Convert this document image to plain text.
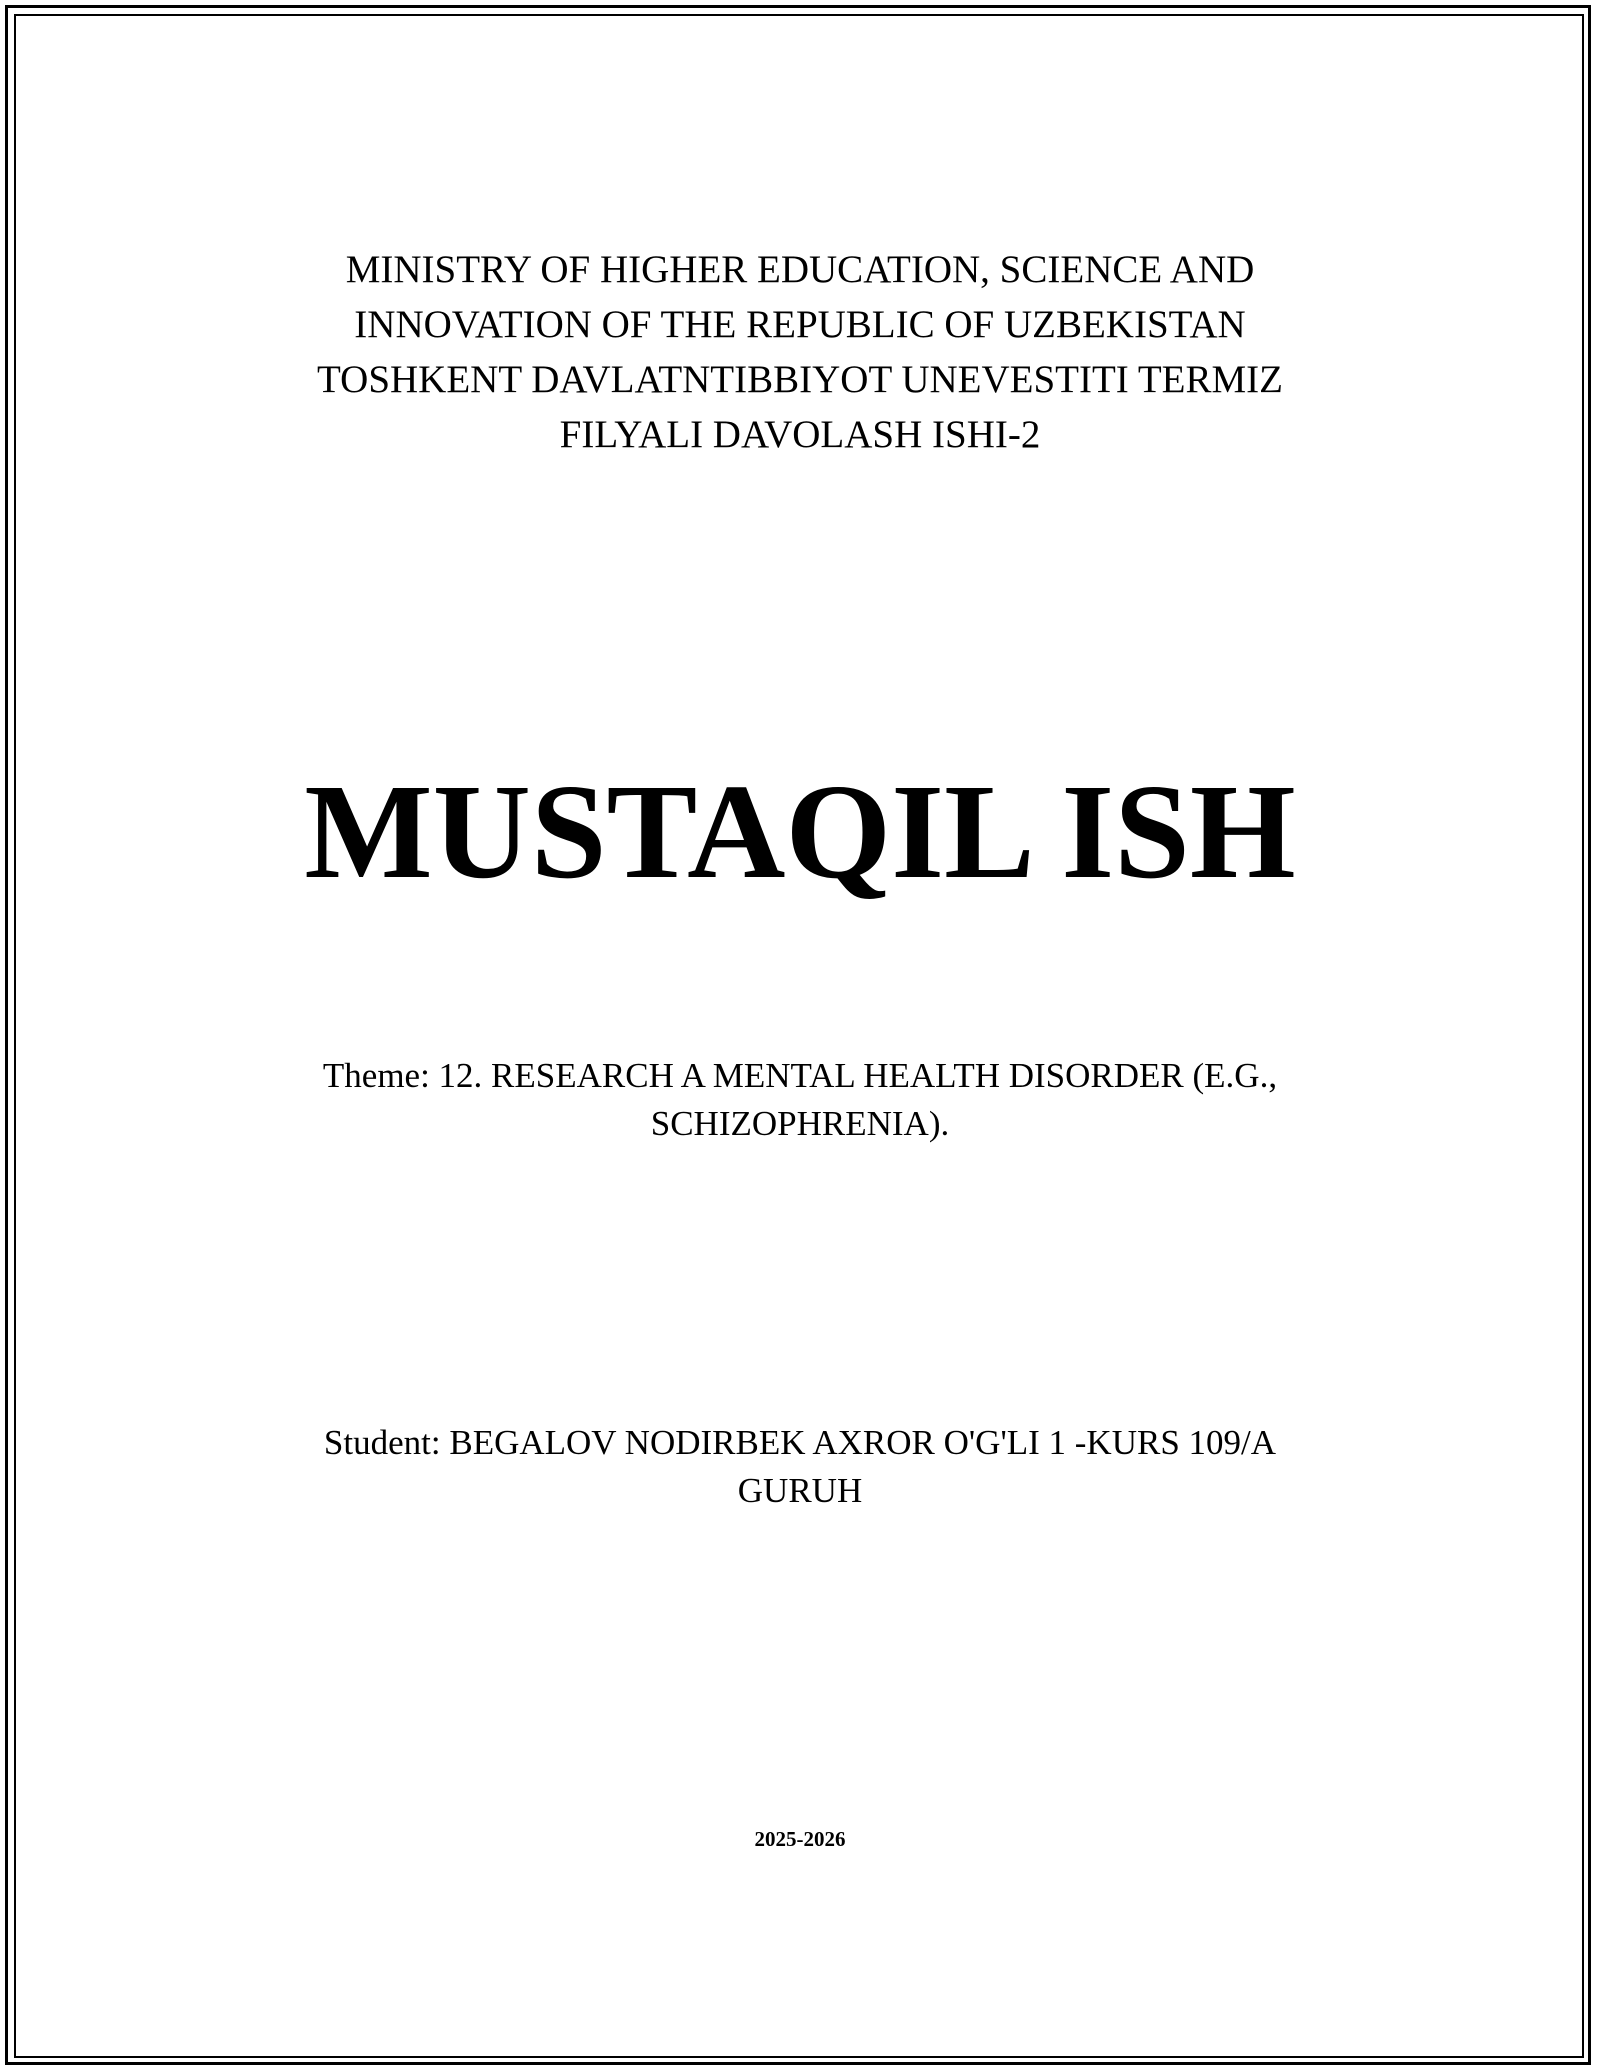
MINISTRY OF HIGHER EDUCATION, SCIENCE AND
INNOVATION OF THE REPUBLIC OF UZBEKISTAN
TOSHKENT DAVLATNTIBBIYOT UNEVESTITI TERMIZ
FILYALI DAVOLASH ISHI-2
MUSTAQIL ISH
Theme: 12. RESEARCH A MENTAL HEALTH DISORDER (E.G.,
SCHIZOPHRENIA).
Student: BEGALOV NODIRBEK AXROR O'G'LI 1 -KURS 109/A
GURUH
2025-2026
